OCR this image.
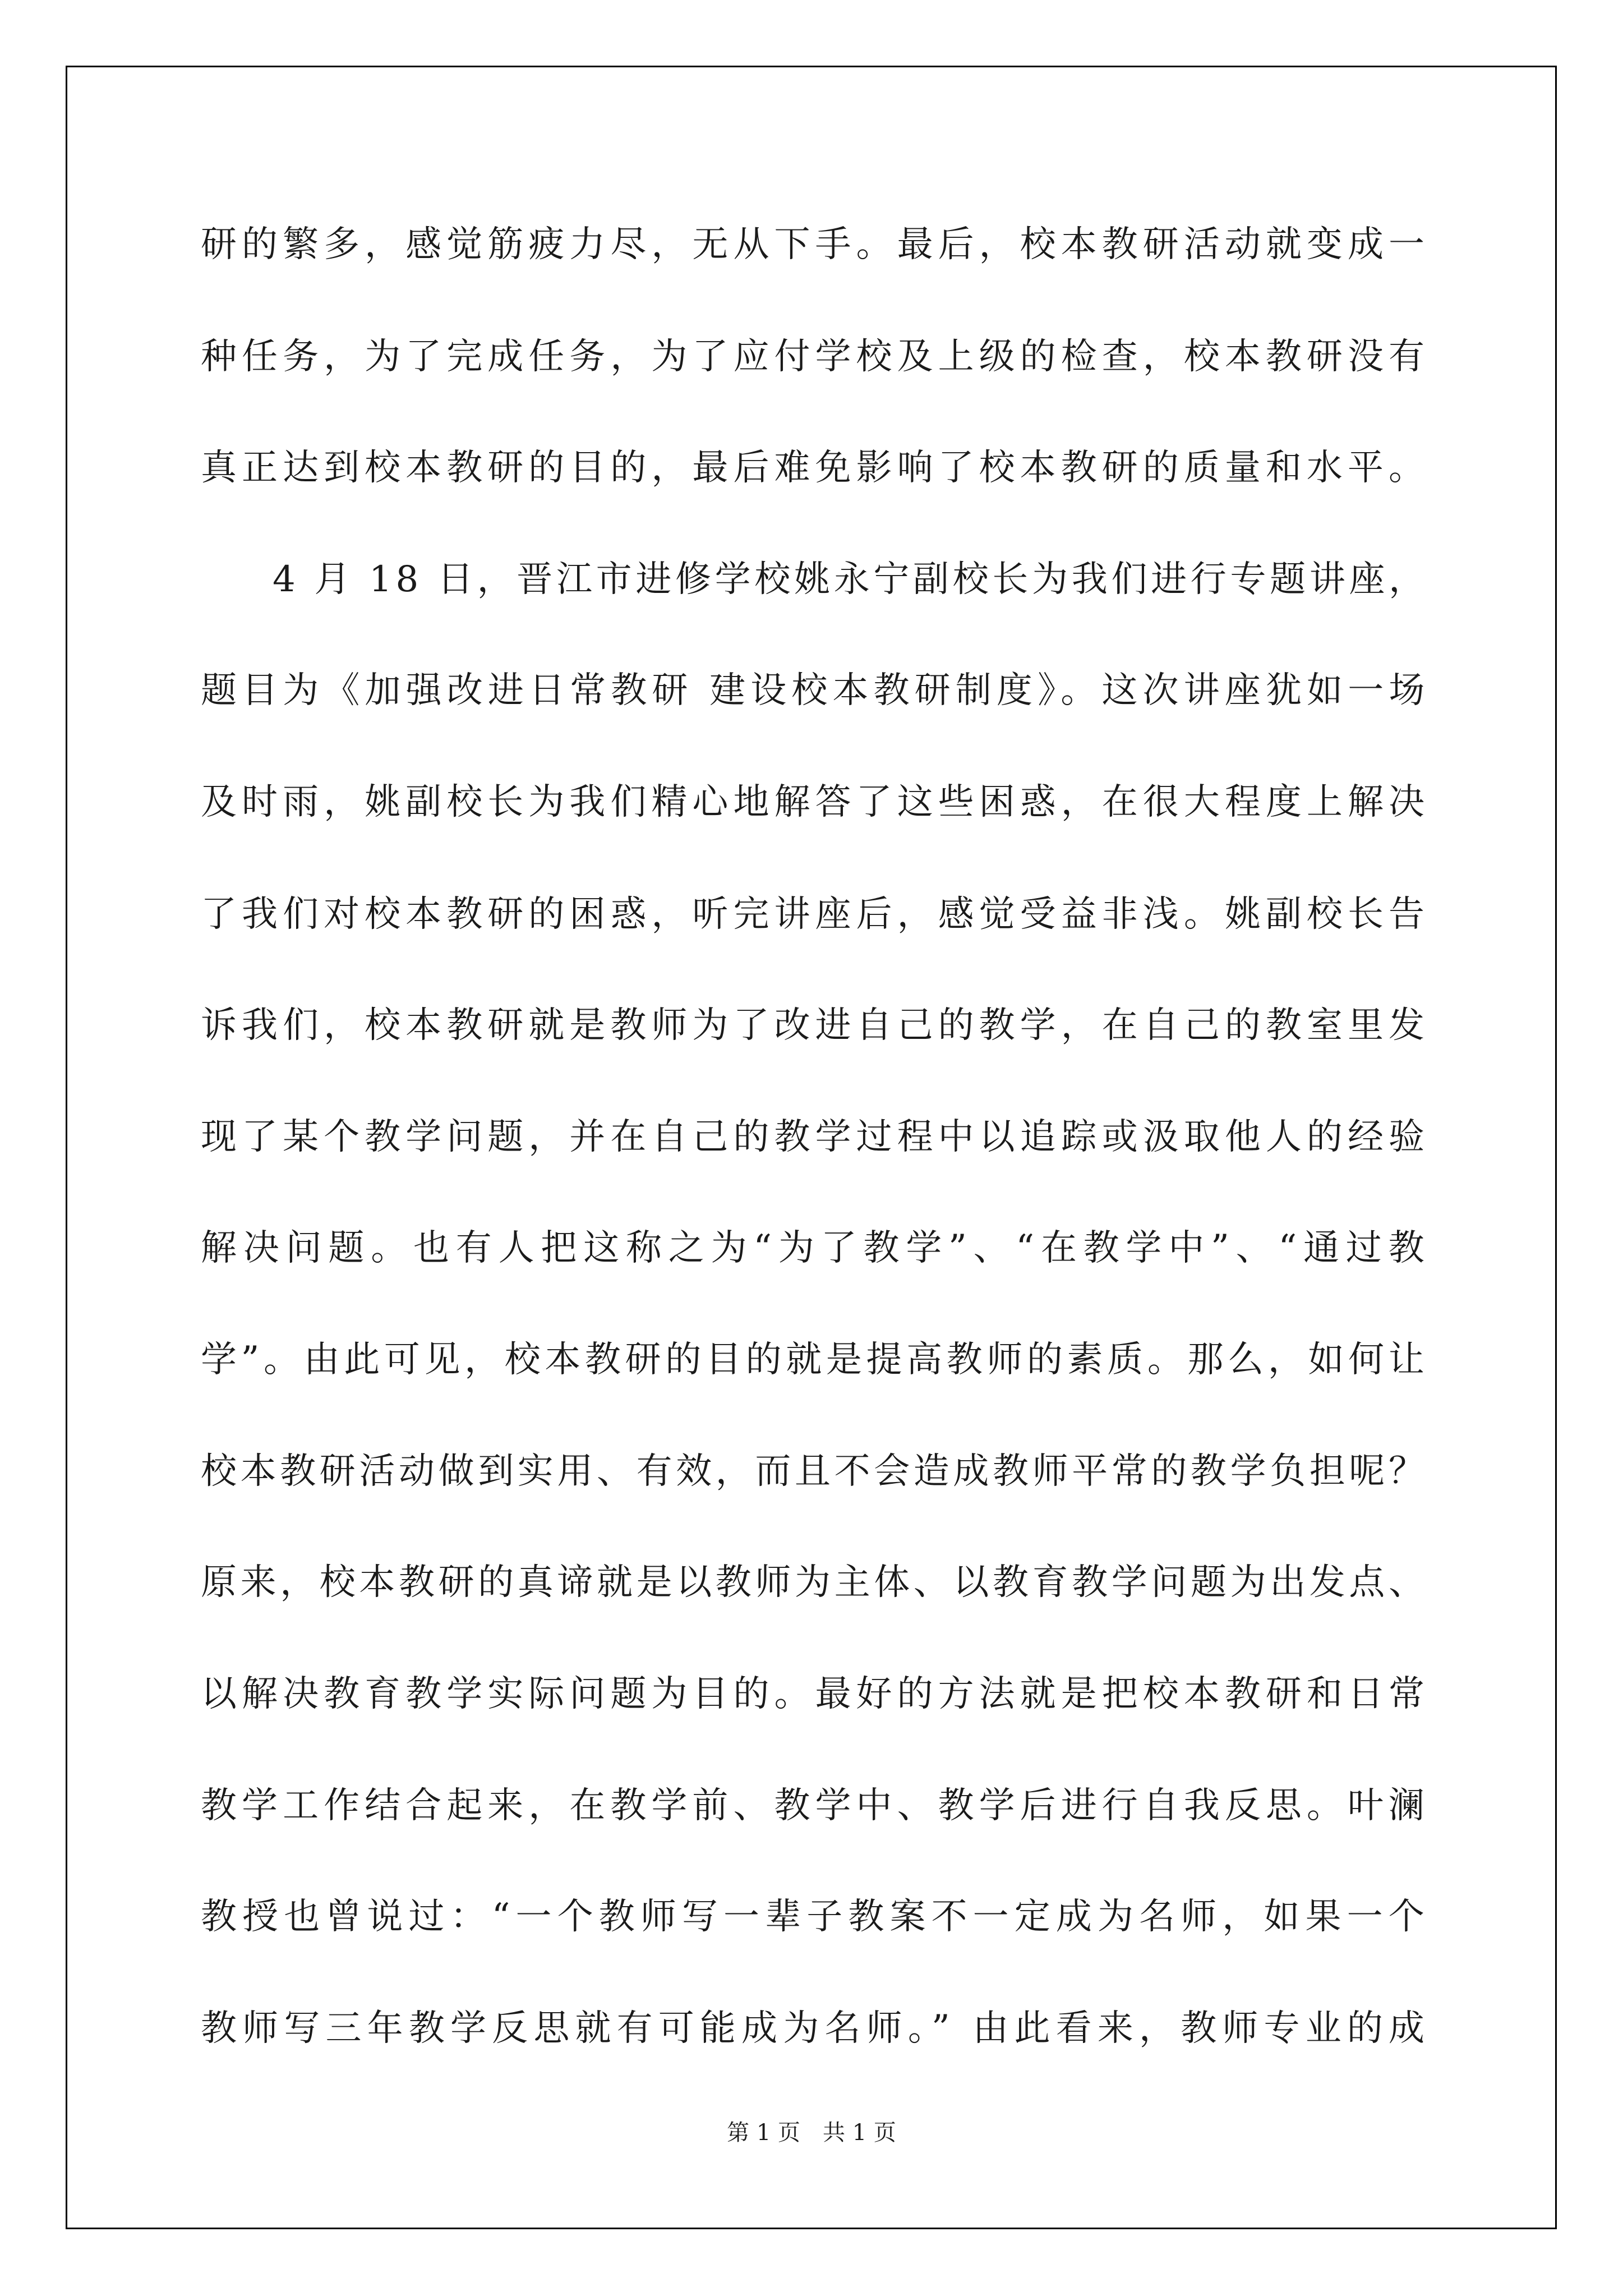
研的繁多，感觉筋疲力尽，无从下手。最后，校本教研活动就变成一
种任务，为了完成任务，为了应付学校及上级的检查，校本教研没有
真正达到校本教研的目的，最后难免影响了校本教研的质量和水平。
4 月 18 日，晋江市进修学校姚永宁副校长为我们进行专题讲座，
题目为《加强改进日常教研 建设校本教研制度》。这次讲座犹如一场
及时雨，姚副校长为我们精心地解答了这些困惑，在很大程度上解决
了我们对校本教研的困惑，听完讲座后，感觉受益非浅。姚副校长告
诉我们，校本教研就是教师为了改进自己的教学，在自己的教室里发
现了某个教学问题，并在自己的教学过程中以追踪或汲取他人的经验
解决问题。也有人把这称之为“为了教学”、“在教学中”、“通过教
学”。由此可见，校本教研的目的就是提高教师的素质。那么，如何让
校本教研活动做到实用、有效，而且不会造成教师平常的教学负担呢？
原来，校本教研的真谛就是以教师为主体、以教育教学问题为出发点、
以解决教育教学实际问题为目的。最好的方法就是把校本教研和日常
教学工作结合起来，在教学前、教学中、教学后进行自我反思。叶澜
教授也曾说过：“一个教师写一辈子教案不一定成为名师，如果一个
教师写三年教学反思就有可能成为名师。” 由此看来，教师专业的成
第 1 页　共 1 页
